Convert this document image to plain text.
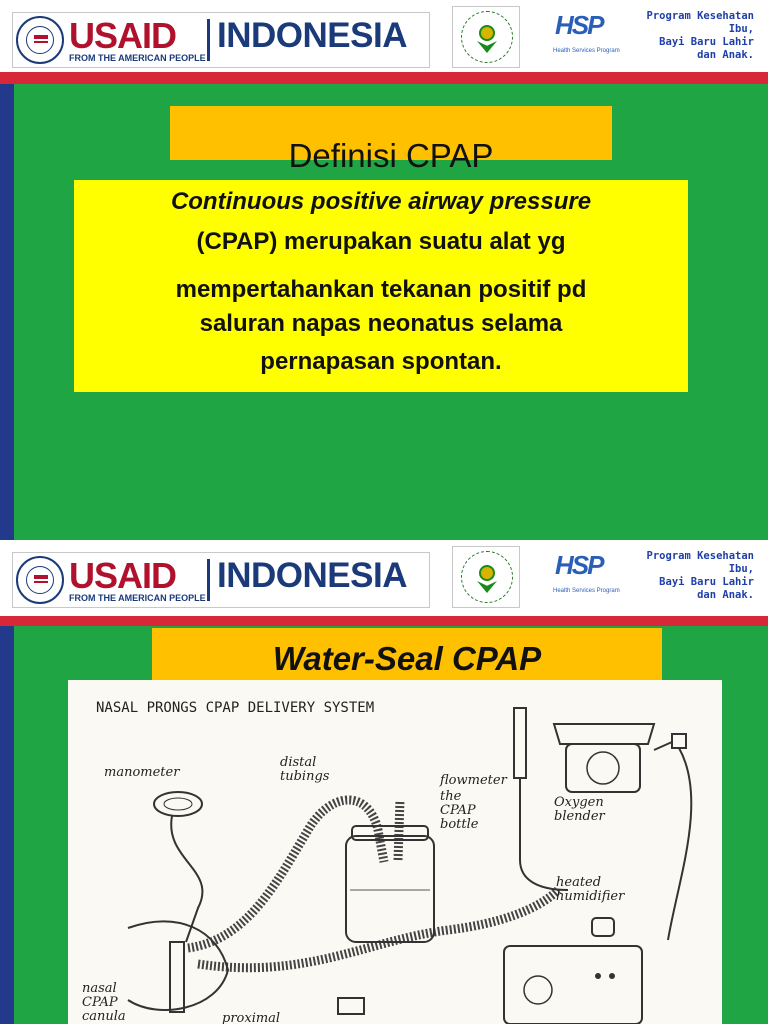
USAID INDONESIA
FROM THE AMERICAN PEOPLE
HSP
Health Services Program
Program Kesehatan
Ibu,
Bayi Baru Lahir
dan Anak.
Definisi CPAP
Continuous positive airway pressure
(CPAP) merupakan suatu alat yg
mempertahankan tekanan positif pd
saluran napas neonatus selama
pernapasan spontan.
USAID INDONESIA
FROM THE AMERICAN PEOPLE
HSP
Health Services Program
Program Kesehatan
Ibu,
Bayi Baru Lahir
dan Anak.
Water-Seal CPAP
NASAL PRONGS CPAP DELIVERY SYSTEM
manometer
distal
tubings
the
CPAP
bottle
flowmeter
Oxygen
blender
heated
humidifier
nasal
CPAP
canula	proximal
